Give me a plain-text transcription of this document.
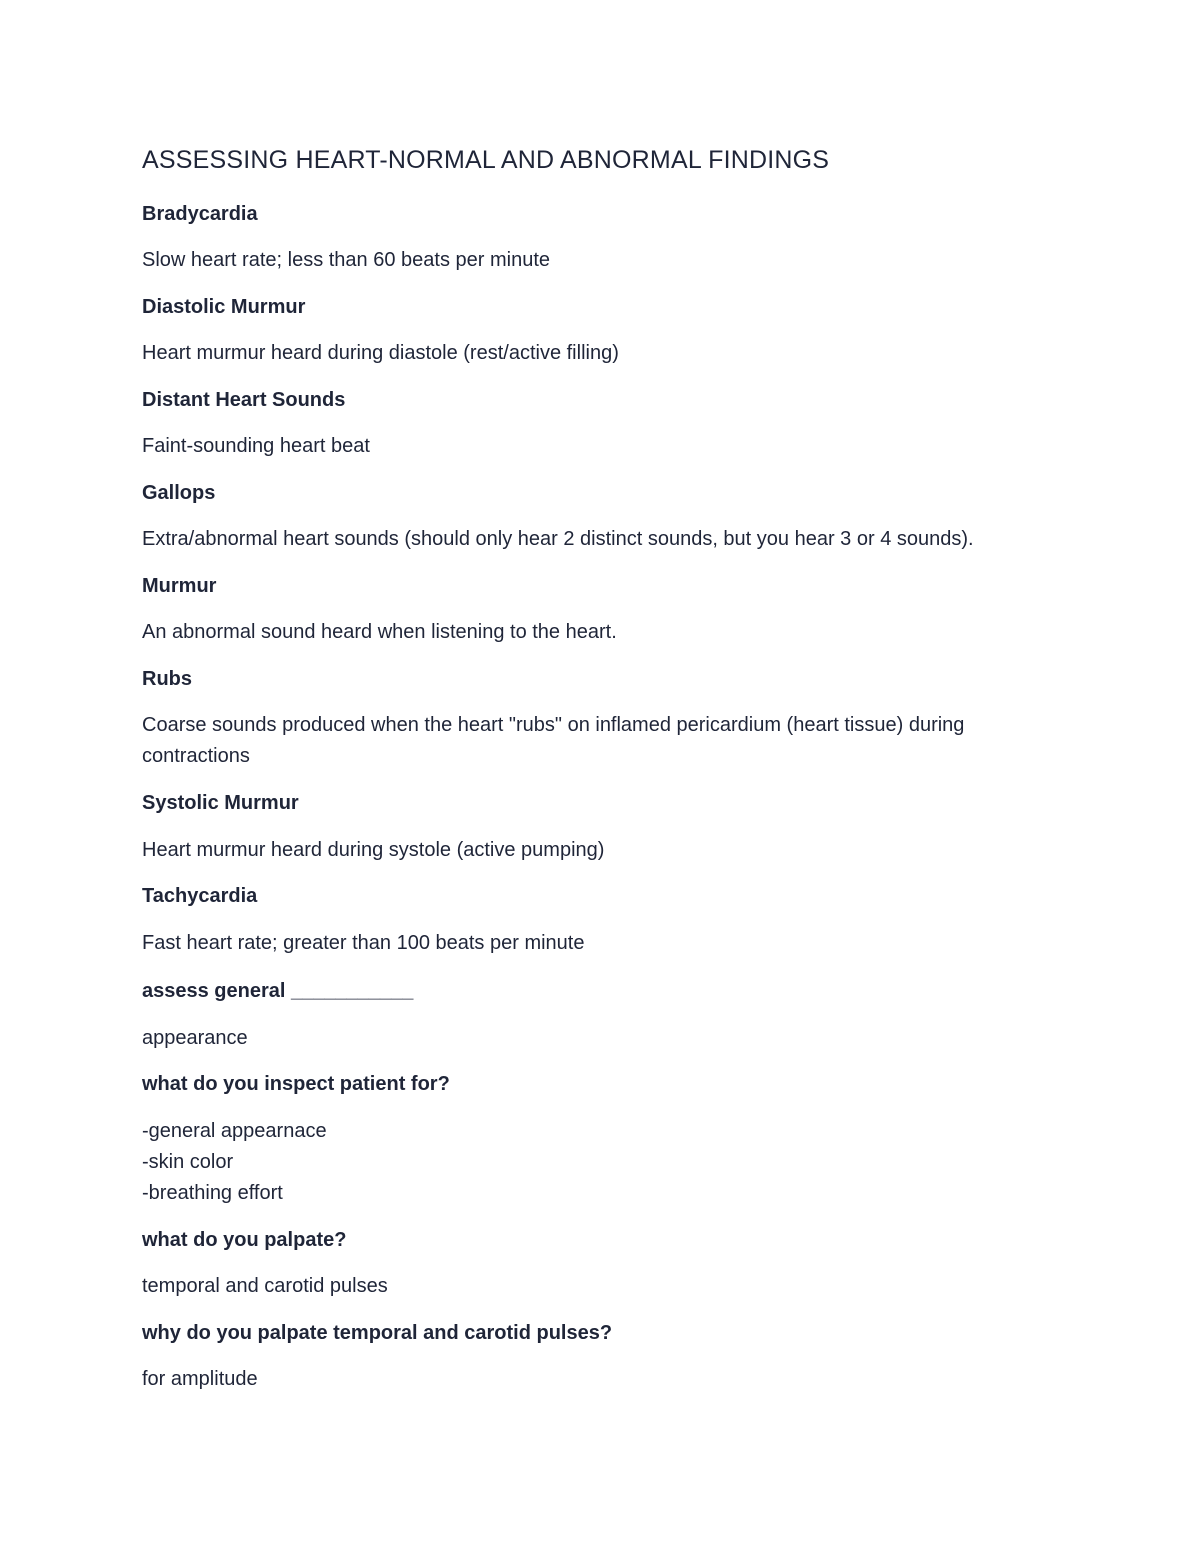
ASSESSING HEART-NORMAL AND ABNORMAL FINDINGS
Bradycardia
Slow heart rate; less than 60 beats per minute
Diastolic Murmur
Heart murmur heard during diastole (rest/active filling)
Distant Heart Sounds
Faint-sounding heart beat
Gallops
Extra/abnormal heart sounds (should only hear 2 distinct sounds, but you hear 3 or 4 sounds).
Murmur
An abnormal sound heard when listening to the heart.
Rubs
Coarse sounds produced when the heart "rubs" on inflamed pericardium (heart tissue) during
contractions
Systolic Murmur
Heart murmur heard during systole (active pumping)
Tachycardia
Fast heart rate; greater than 100 beats per minute
assess general ___________
appearance
what do you inspect patient for?
-general appearnace
-skin color
-breathing effort
what do you palpate?
temporal and carotid pulses
why do you palpate temporal and carotid pulses?
for amplitude
